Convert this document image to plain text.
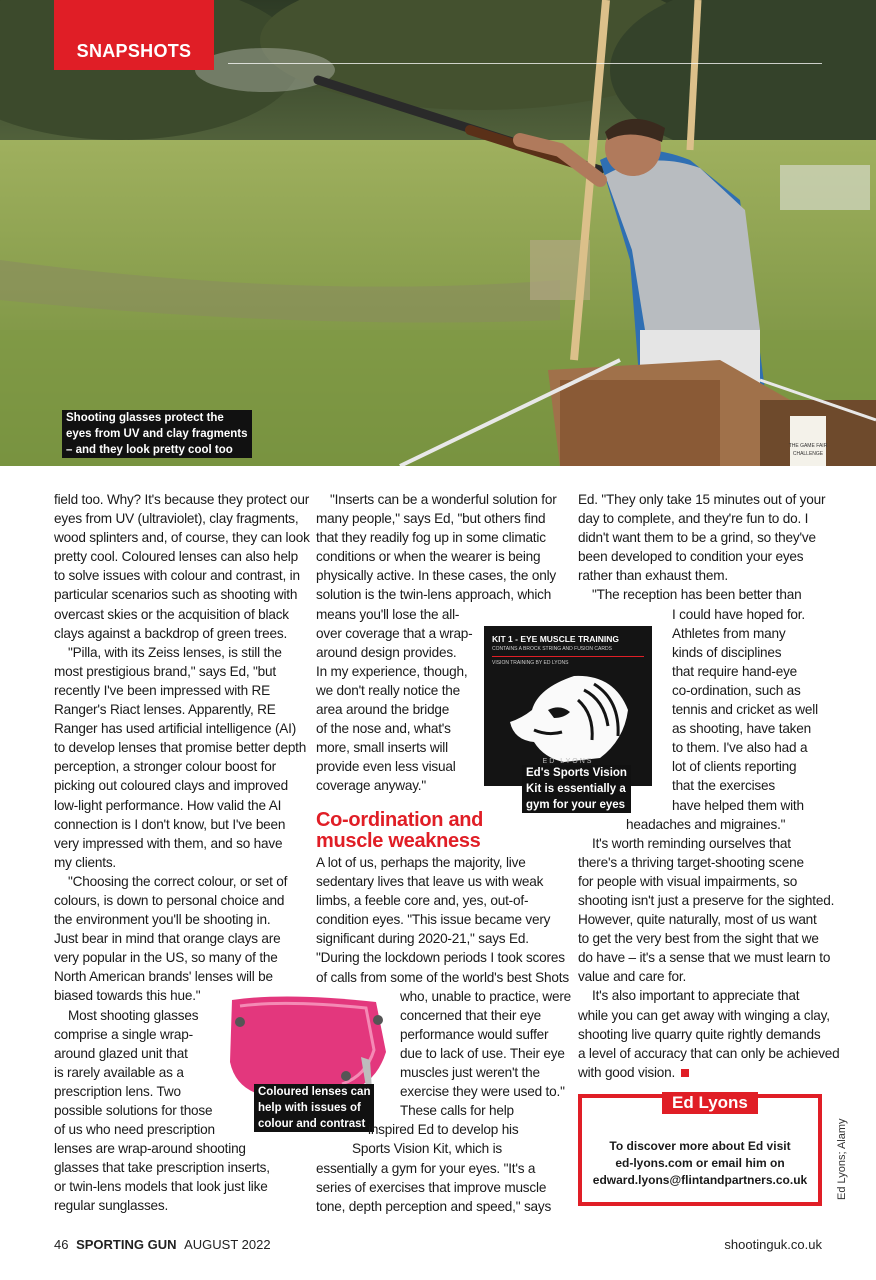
THE GAME FAIR
CHALLENGE
SNAPSHOTS
Shooting glasses protect the
eyes from UV and clay fragments
– and they look pretty cool too
field too. Why? It's because they protect our
eyes from UV (ultraviolet), clay fragments,
wood splinters and, of course, they can look
pretty cool. Coloured lenses can also help
to solve issues with colour and contrast, in
particular scenarios such as shooting with
overcast skies or the acquisition of black
clays against a backdrop of green trees.
"Pilla, with its Zeiss lenses, is still the
most prestigious brand," says Ed, "but
recently I've been impressed with RE
Ranger's Riact lenses. Apparently, RE
Ranger has used artificial intelligence (AI)
to develop lenses that promise better depth
perception, a stronger colour boost for
picking out coloured clays and improved
low-light performance. How valid the AI
connection is I don't know, but I've been
very impressed with them, and so have
my clients.
"Choosing the correct colour, or set of
colours, is down to personal choice and
the environment you'll be shooting in.
Just bear in mind that orange clays are
very popular in the US, so many of the
North American brands' lenses will be
biased towards this hue."
Most shooting glasses
comprise a single wrap-
around glazed unit that
is rarely available as a
prescription lens. Two
possible solutions for those
of us who need prescription
lenses are wrap-around shooting
glasses that take prescription inserts,
or twin-lens models that look just like
regular sunglasses.
Coloured lenses can
help with issues of
colour and contrast
"Inserts can be a wonderful solution for
many people," says Ed, "but others find
that they readily fog up in some climatic
conditions or when the wearer is being
physically active. In these cases, the only
solution is the twin-lens approach, which
means you'll lose the all-
over coverage that a wrap-
around design provides.
In my experience, though,
we don't really notice the
area around the bridge
of the nose and, what's
more, small inserts will
provide even less visual
coverage anyway."
Co-ordination and
muscle weakness
A lot of us, perhaps the majority, live
sedentary lives that leave us with weak
limbs, a feeble core and, yes, out-of-
condition eyes. "This issue became very
significant during 2020-21," says Ed.
"During the lockdown periods I took scores
of calls from some of the world's best Shots
who, unable to practice, were
concerned that their eye
performance would suffer
due to lack of use. Their eye
muscles just weren't the
exercise they were used to."
These calls for help
inspired Ed to develop his
Sports Vision Kit, which is
essentially a gym for your eyes. "It's a
series of exercises that improve muscle
tone, depth perception and speed," says
KIT 1 - EYE MUSCLE TRAINING
CONTAINS A BROCK STRING AND FUSION CARDS
VISION TRAINING BY ED LYONS
ED LYONS
Ed's Sports Vision
Kit is essentially a
gym for your eyes
Ed. "They only take 15 minutes out of your
day to complete, and they're fun to do. I
didn't want them to be a grind, so they've
been developed to condition your eyes
rather than exhaust them.
"The reception has been better than
I could have hoped for.
Athletes from many
kinds of disciplines
that require hand-eye
co-ordination, such as
tennis and cricket as well
as shooting, have taken
to them. I've also had a
lot of clients reporting
that the exercises
have helped them with
headaches and migraines."
It's worth reminding ourselves that
there's a thriving target-shooting scene
for people with visual impairments, so
shooting isn't just a preserve for the sighted.
However, quite naturally, most of us want
to get the very best from the sight that we
do have – it's a sense that we must learn to
value and care for.
It's also important to appreciate that
while you can get away with winging a clay,
shooting live quarry quite rightly demands
a level of accuracy that can only be achieved
with good vision.
Ed Lyons
To discover more about Ed visit
ed-lyons.com or email him on
edward.lyons@flintandpartners.co.uk	Ed Lyons; Alamy
46 SPORTING GUN AUGUST 2022	shootinguk.co.uk
